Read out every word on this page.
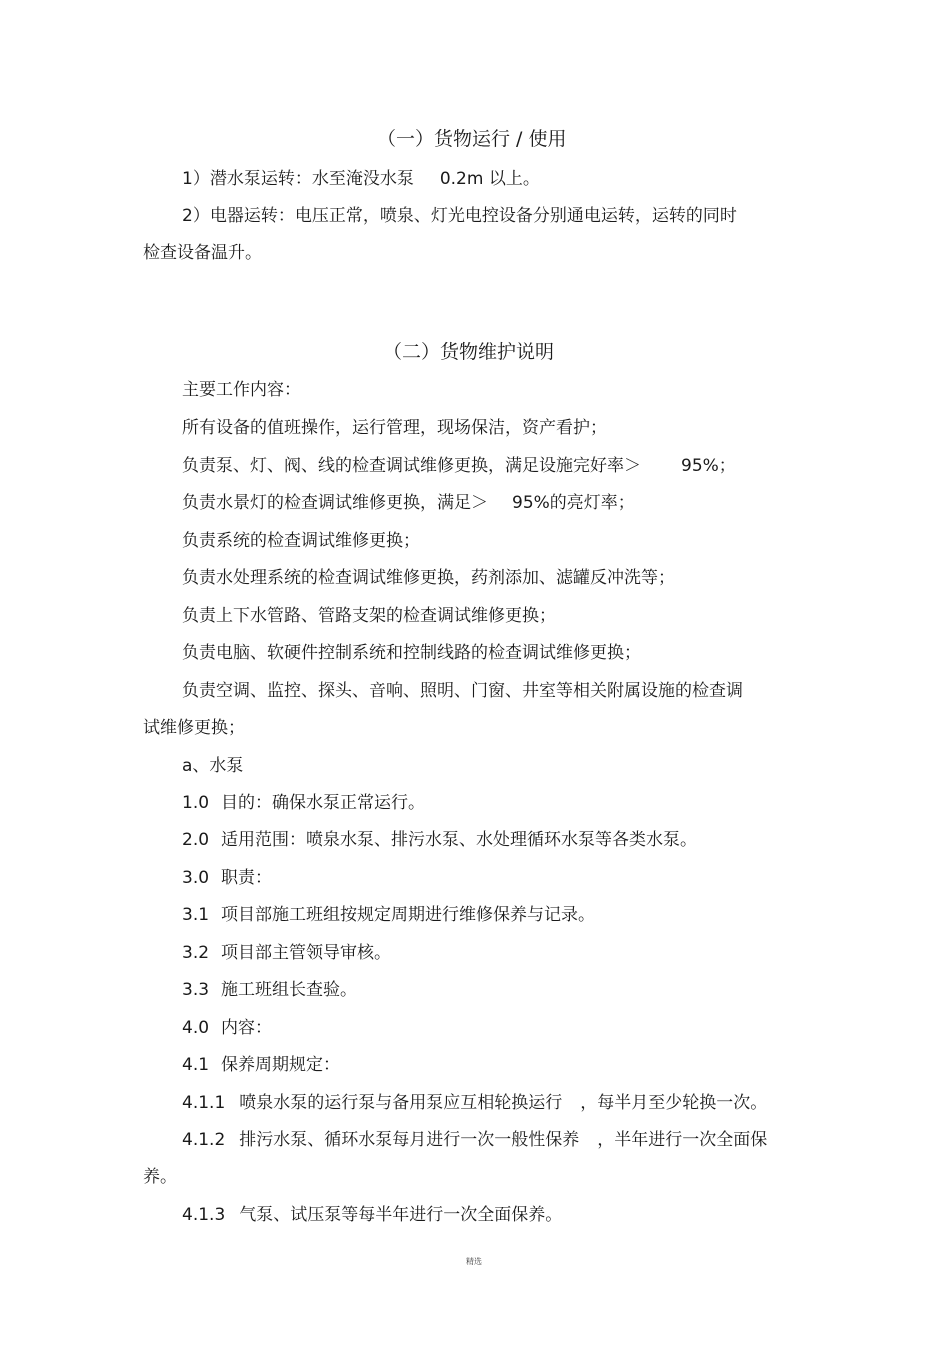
（一）货物运行 / 使用
1）潜水泵运转：水至淹没水泵 0.2m 以上。
2）电器运转：电压正常，喷泉、灯光电控设备分别通电运转，运转的同时
检查设备温升。
（二）货物维护说明
主要工作内容：
所有设备的值班操作，运行管理，现场保洁，资产看护；
负责泵、灯、阀、线的检查调试维修更换，满足设施完好率＞ 95%；
负责水景灯的检查调试维修更换，满足＞ 95%的亮灯率；
负责系统的检查调试维修更换；
负责水处理系统的检查调试维修更换，药剂添加、滤罐反冲洗等；
负责上下水管路、管路支架的检查调试维修更换；
负责电脑、软硬件控制系统和控制线路的检查调试维修更换；
负责空调、监控、探头、音响、照明、门窗、井室等相关附属设施的检查调
试维修更换；
a、水泵
1.0 目的：确保水泵正常运行。
2.0 适用范围：喷泉水泵、排污水泵、水处理循环水泵等各类水泵。
3.0 职责：
3.1 项目部施工班组按规定周期进行维修保养与记录。
3.2 项目部主管领导审核。
3.3 施工班组长查验。
4.0 内容：
4.1 保养周期规定：
4.1.1 喷泉水泵的运行泵与备用泵应互相轮换运行 ，每半月至少轮换一次。
4.1.2 排污水泵、循环水泵每月进行一次一般性保养 ，半年进行一次全面保
养。
4.1.3 气泵、试压泵等每半年进行一次全面保养。
精选
